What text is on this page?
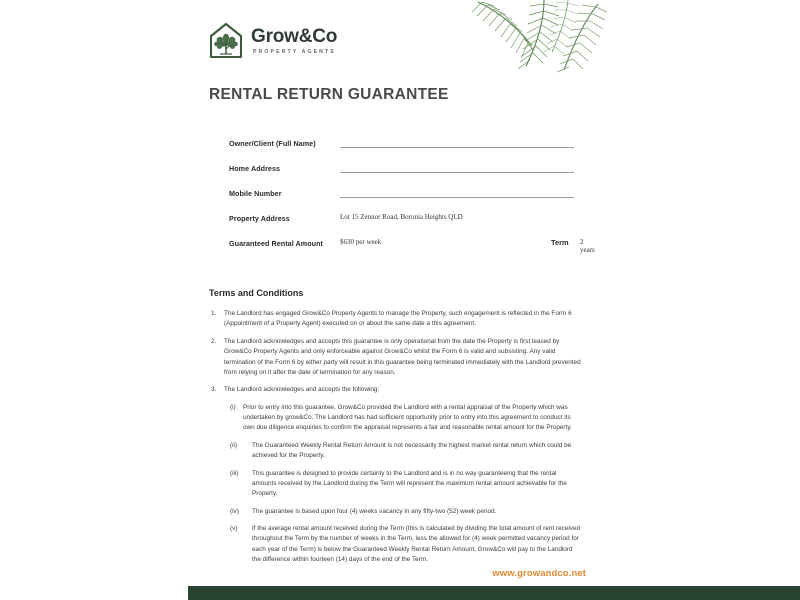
Grow&Co
PROPERTY AGENTS
RENTAL RETURN GUARANTEE
Owner/Client (Full Name)
Home Address
Mobile Number
Property Address	Lot 15 Zennor Road, Boronia Heights QLD
Guaranteed Rental Amount	$630 per week	Term 2 years
Terms and Conditions
1.	The Landlord has engaged Grow&Co Property Agents to manage the Property, such engagement is reflected in the Form 6 (Appointment of a Property Agent) executed on or about the same date a this agreement.
2.	The Landlord acknowledges and accepts this guarantee is only operational from the date the Property is first leased by Grow&Co Property Agents and only enforceable against Grow&Co whilst the Form 6 is valid and subsisting. Any valid termination of the Form 6 by either party will result in this guarantee being terminated immediately with the Landlord prevented from relying on it after the date of termination for any reason.
3.	The Landlord acknowledges and accepts the following:
(i)	Prior to entry into this guarantee, Grow&Co provided the Landlord with a rental appraisal of the Property which was undertaken by grow&Co. The Landlord has had sufficient opportunity prior to entry into this agreement to conduct its own due diligence enquiries to confirm the appraisal represents a fair and reasonable rental amount for the Property.
(ii)	The Guaranteed Weekly Rental Return Amount is not necessarily the highest market rental return which could be achieved for the Property.
(iii)	This guarantee is designed to provide certainty to the Landlord and is in no way guaranteeing that the rental amounts received by the Landlord during the Term will represent the maximum rental amount achievable for the Property.
(iv)	The guarantee is based upon four (4) weeks vacancy in any fifty-two (52) week period.
(v)	If the average rental amount received during the Term (this is calculated by dividing the total amount of rent received throughout the Term by the number of weeks in the Term, less the allowed for (4) week permitted vacancy period for each year of the Term) is below the Guaranteed Weekly Rental Return Amount, Grow&Co will pay to the Landlord the difference within fourteen (14) days of the end of the Term.
www.growandco.net
